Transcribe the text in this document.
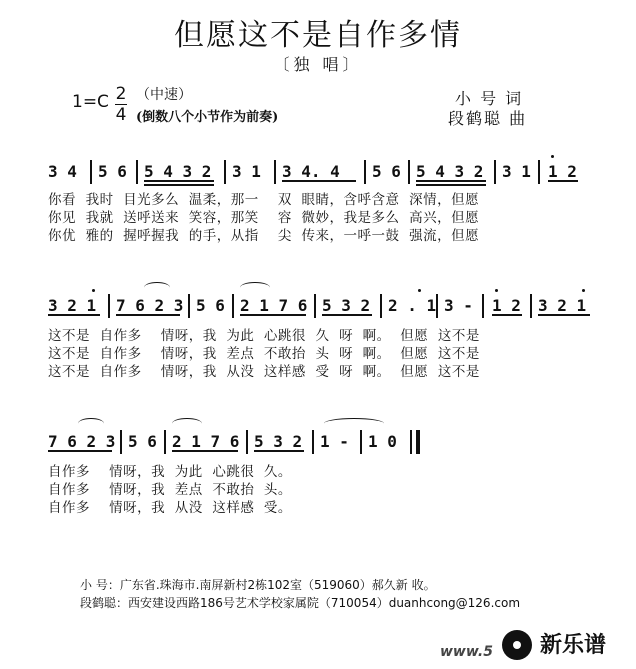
但愿这不是自作多情
〔独 唱〕
1=C 2
4
（中速）
(倒数八个小节作为前奏)
小 号 词
段鹤聪 曲
3 4 5 6 5 4 3 2 3 1 3 4. 4 5 6 5 4 3 2 3 1 1 2
你看  我时  目光多么  温柔，那一    双  眼睛，含呼含意  深情，但愿
你见  我就  送呼送来  笑容，那笑    容  微妙，我是多么  高兴，但愿
你优  雅的  握呼握我  的手，从指    尖  传来，一呼一鼓  强流，但愿
3 2 1 7 6 2 3 5 6 2 1 7 6 5 3 2 2 . 1 3 - 1 2 3 2 1
这不是  自作多    情呀，我  为此  心跳很  久  呀  啊。  但愿  这不是
这不是  自作多    情呀，我  差点  不敢抬  头  呀  啊。  但愿  这不是
这不是  自作多    情呀，我  从没  这样感  受  呀  啊。  但愿  这不是
7 6 2 3 5 6 2 1 7 6 5 3 2 1 - 1 0
自作多    情呀，我  为此  心跳很  久。
自作多    情呀，我  差点  不敢抬  头。
自作多    情呀，我  从没  这样感  受。
小 号：广东省.珠海市.南屏新村2栋102室（519060）郝久新 收。
段鹤聪：西安建设西路186号艺术学校家属院（710054）duanhcong@126.com
www.5 新乐谱
